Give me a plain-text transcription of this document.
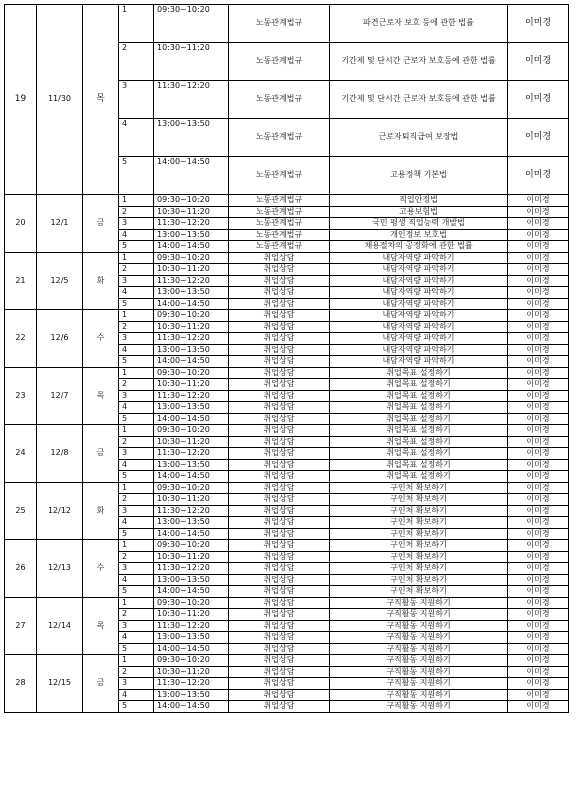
19	11/30	목	1	09:30~10:20	노동관계법규	파견근로자 보호 등에 관한 법률	이미경
			2	10:30~11:20	노동관계법규	기간제 및 단시간 근로자 보호등에 관한 법률	이미경
			3	11:30~12:20	노동관계법규	기간제 및 단시간 근로자 보호등에 관한 법률	이미경
			4	13:00~13:50	노동관계법규	근로자퇴직급여 보장법	이미경
			5	14:00~14:50	노동관계법규	고용정책 기본법	이미경
20	12/1	금	1	09:30~10:20	노동관계법규	직업안정법	이미경
			2	10:30~11:20	노동관계법규	고용보험법	이미경
			3	11:30~12:20	노동관계법규	국민 평생 직업능력 개발법	이미경
			4	13:00~13:50	노동관계법규	개인정보 보호법	이미경
			5	14:00~14:50	노동관계법규	채용절차의 공정화에 관한 법률	이미경
21	12/5	화	1	09:30~10:20	취업상담	내담자역량 파악하기	이미경
			2	10:30~11:20	취업상담	내담자역량 파악하기	이미경
			3	11:30~12:20	취업상담	내담자역량 파악하기	이미경
			4	13:00~13:50	취업상담	내담자역량 파악하기	이미경
			5	14:00~14:50	취업상담	내담자역량 파악하기	이미경
22	12/6	수	1	09:30~10:20	취업상담	내담자역량 파악하기	이미경
			2	10:30~11:20	취업상담	내담자역량 파악하기	이미경
			3	11:30~12:20	취업상담	내담자역량 파악하기	이미경
			4	13:00~13:50	취업상담	내담자역량 파악하기	이미경
			5	14:00~14:50	취업상담	내담자역량 파악하기	이미경
23	12/7	목	1	09:30~10:20	취업상담	취업목표 설정하기	이미경
			2	10:30~11:20	취업상담	취업목표 설정하기	이미경
			3	11:30~12:20	취업상담	취업목표 설정하기	이미경
			4	13:00~13:50	취업상담	취업목표 설정하기	이미경
			5	14:00~14:50	취업상담	취업목표 설정하기	이미경
24	12/8	금	1	09:30~10:20	취업상담	취업목표 설정하기	이미경
			2	10:30~11:20	취업상담	취업목표 설정하기	이미경
			3	11:30~12:20	취업상담	취업목표 설정하기	이미경
			4	13:00~13:50	취업상담	취업목표 설정하기	이미경
			5	14:00~14:50	취업상담	취업목표 설정하기	이미경
25	12/12	화	1	09:30~10:20	취업상담	구인처 확보하기	이미경
			2	10:30~11:20	취업상담	구인처 확보하기	이미경
			3	11:30~12:20	취업상담	구인처 확보하기	이미경
			4	13:00~13:50	취업상담	구인처 확보하기	이미경
			5	14:00~14:50	취업상담	구인처 확보하기	이미경
26	12/13	수	1	09:30~10:20	취업상담	구인처 확보하기	이미경
			2	10:30~11:20	취업상담	구인처 확보하기	이미경
			3	11:30~12:20	취업상담	구인처 확보하기	이미경
			4	13:00~13:50	취업상담	구인처 확보하기	이미경
			5	14:00~14:50	취업상담	구인처 확보하기	이미경
27	12/14	목	1	09:30~10:20	취업상담	구직활동 지원하기	이미경
			2	10:30~11:20	취업상담	구직활동 지원하기	이미경
			3	11:30~12:20	취업상담	구직활동 지원하기	이미경
			4	13:00~13:50	취업상담	구직활동 지원하기	이미경
			5	14:00~14:50	취업상담	구직활동 지원하기	이미경
28	12/15	금	1	09:30~10:20	취업상담	구직활동 지원하기	이미경
			2	10:30~11:20	취업상담	구직활동 지원하기	이미경
			3	11:30~12:20	취업상담	구직활동 지원하기	이미경
			4	13:00~13:50	취업상담	구직활동 지원하기	이미경
			5	14:00~14:50	취업상담	구직활동 지원하기	이미경
